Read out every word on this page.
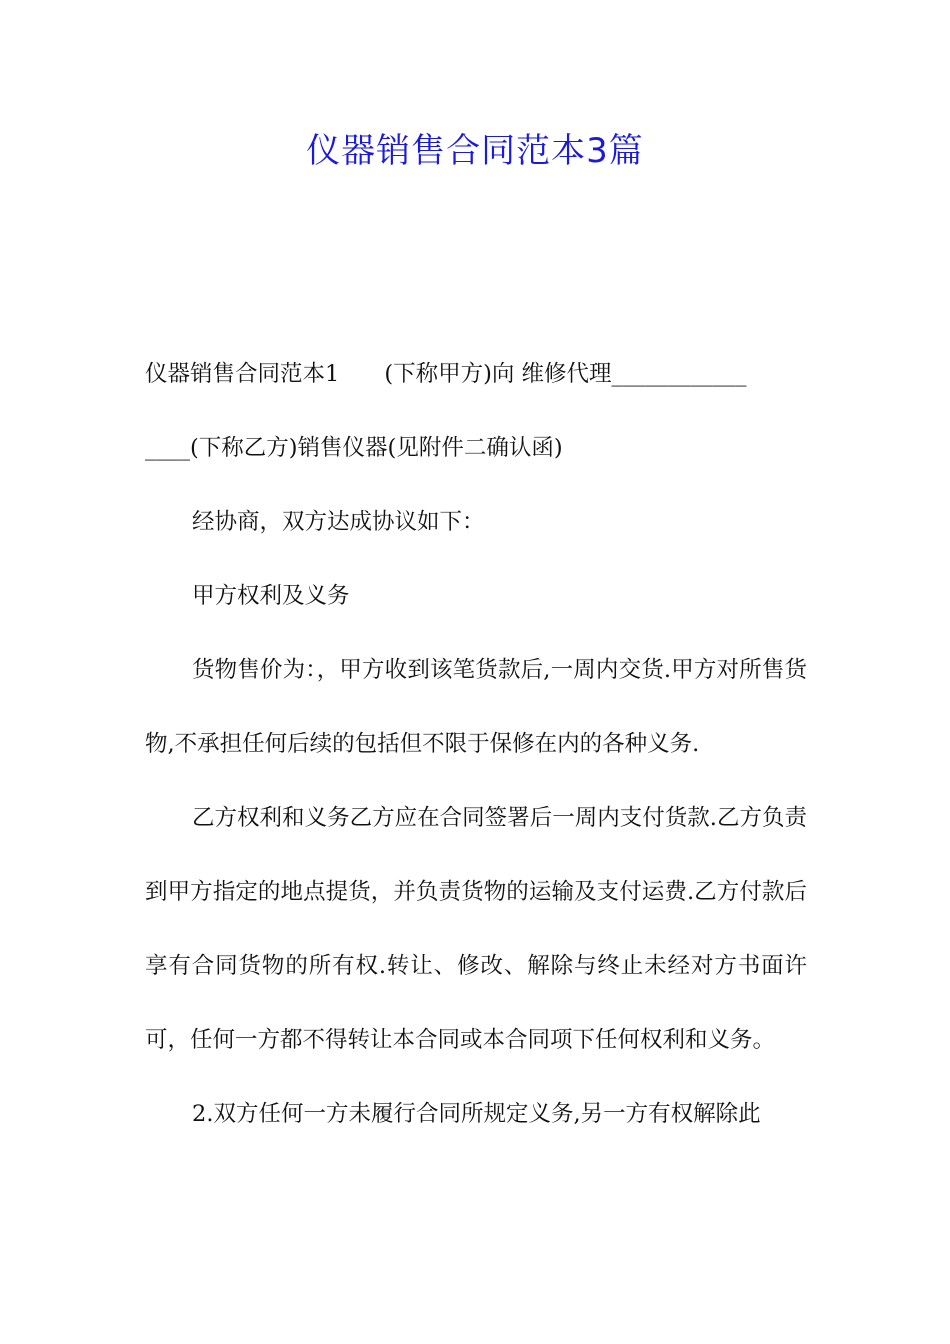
仪器销售合同范本3篇

仪器销售合同范本1　　(下称甲方)向 维修代理____________

____(下称乙方)销售仪器(见附件二确认函)

经协商，双方达成协议如下：

甲方权利及义务

货物售价为：，甲方收到该笔货款后,一周内交货.甲方对所售货物,不承担任何后续的包括但不限于保修在内的各种义务.

乙方权利和义务乙方应在合同签署后一周内支付货款.乙方负责到甲方指定的地点提货，并负责货物的运输及支付运费.乙方付款后享有合同货物的所有权.转让、修改、解除与终止未经对方书面许可，任何一方都不得转让本合同或本合同项下任何权利和义务。

2.双方任何一方未履行合同所规定义务,另一方有权解除此
